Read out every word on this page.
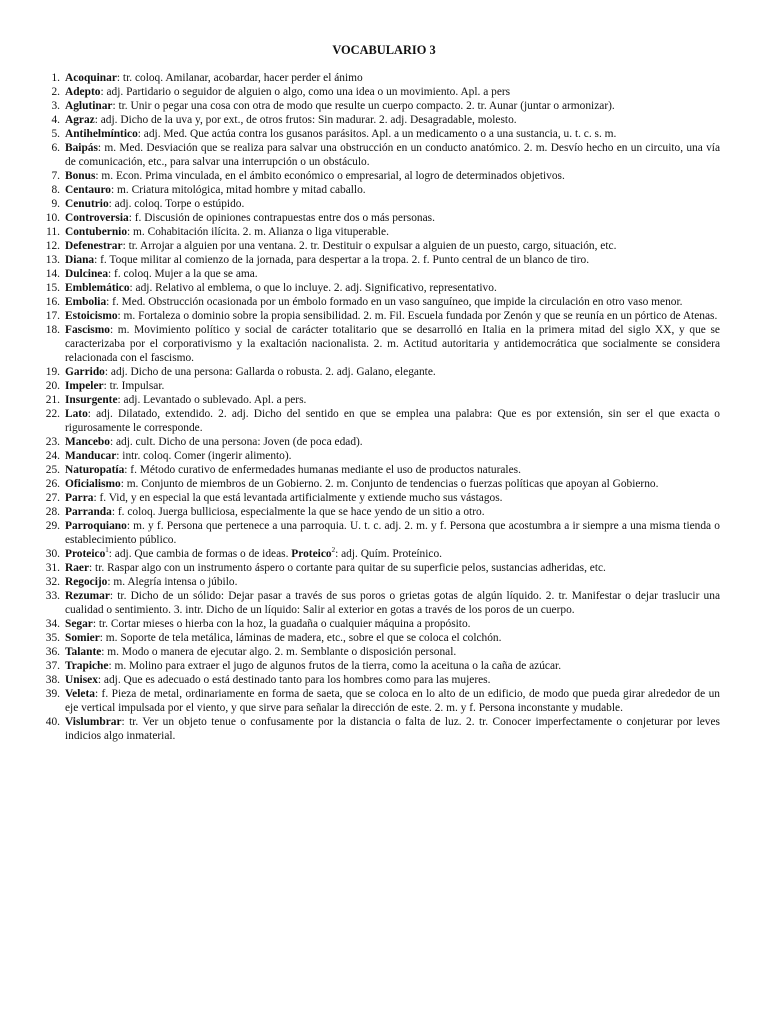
VOCABULARIO 3
1. Acoquinar: tr. coloq. Amilanar, acobardar, hacer perder el ánimo
2. Adepto: adj. Partidario o seguidor de alguien o algo, como una idea o un movimiento. Apl. a pers
3. Aglutinar: tr. Unir o pegar una cosa con otra de modo que resulte un cuerpo compacto. 2. tr. Aunar (juntar o armonizar).
4. Agraz: adj. Dicho de la uva y, por ext., de otros frutos: Sin madurar. 2. adj. Desagradable, molesto.
5. Antihelmíntico: adj. Med. Que actúa contra los gusanos parásitos. Apl. a un medicamento o a una sustancia, u. t. c. s. m.
6. Baipás: m. Med. Desviación que se realiza para salvar una obstrucción en un conducto anatómico. 2. m. Desvío hecho en un circuito, una vía de comunicación, etc., para salvar una interrupción o un obstáculo.
7. Bonus: m. Econ. Prima vinculada, en el ámbito económico o empresarial, al logro de determinados objetivos.
8. Centauro: m. Criatura mitológica, mitad hombre y mitad caballo.
9. Cenutrio: adj. coloq. Torpe o estúpido.
10. Controversia: f. Discusión de opiniones contrapuestas entre dos o más personas.
11. Contubernio: m. Cohabitación ilícita. 2. m. Alianza o liga vituperable.
12. Defenestrar: tr. Arrojar a alguien por una ventana. 2. tr. Destituir o expulsar a alguien de un puesto, cargo, situación, etc.
13. Diana: f. Toque militar al comienzo de la jornada, para despertar a la tropa. 2. f. Punto central de un blanco de tiro.
14. Dulcinea: f. coloq. Mujer a la que se ama.
15. Emblemático: adj. Relativo al emblema, o que lo incluye. 2. adj. Significativo, representativo.
16. Embolia: f. Med. Obstrucción ocasionada por un émbolo formado en un vaso sanguíneo, que impide la circulación en otro vaso menor.
17. Estoicismo: m. Fortaleza o dominio sobre la propia sensibilidad. 2. m. Fil. Escuela fundada por Zenón y que se reunía en un pórtico de Atenas.
18. Fascismo: m. Movimiento político y social de carácter totalitario que se desarrolló en Italia en la primera mitad del siglo XX, y que se caracterizaba por el corporativismo y la exaltación nacionalista. 2. m. Actitud autoritaria y antidemocrática que socialmente se considera relacionada con el fascismo.
19. Garrido: adj. Dicho de una persona: Gallarda o robusta. 2. adj. Galano, elegante.
20. Impeler: tr. Impulsar.
21. Insurgente: adj. Levantado o sublevado. Apl. a pers.
22. Lato: adj. Dilatado, extendido. 2. adj. Dicho del sentido en que se emplea una palabra: Que es por extensión, sin ser el que exacta o rigurosamente le corresponde.
23. Mancebo: adj. cult. Dicho de una persona: Joven (de poca edad).
24. Manducar: intr. coloq. Comer (ingerir alimento).
25. Naturopatía: f. Método curativo de enfermedades humanas mediante el uso de productos naturales.
26. Oficialismo: m. Conjunto de miembros de un Gobierno. 2. m. Conjunto de tendencias o fuerzas políticas que apoyan al Gobierno.
27. Parra: f. Vid, y en especial la que está levantada artificialmente y extiende mucho sus vástagos.
28. Parranda: f. coloq. Juerga bulliciosa, especialmente la que se hace yendo de un sitio a otro.
29. Parroquiano: m. y f. Persona que pertenece a una parroquia. U. t. c. adj. 2. m. y f. Persona que acostumbra a ir siempre a una misma tienda o establecimiento público.
30. Proteico$^1$: adj. Que cambia de formas o de ideas. Proteico$^2$: adj. Quím. Proteínico.
31. Raer: tr. Raspar algo con un instrumento áspero o cortante para quitar de su superficie pelos, sustancias adheridas, etc.
32. Regocijo: m. Alegría intensa o júbilo.
33. Rezumar: tr. Dicho de un sólido: Dejar pasar a través de sus poros o grietas gotas de algún líquido. 2. tr. Manifestar o dejar traslucir una cualidad o sentimiento. 3. intr. Dicho de un líquido: Salir al exterior en gotas a través de los poros de un cuerpo.
34. Segar: tr. Cortar mieses o hierba con la hoz, la guadaña o cualquier máquina a propósito.
35. Somier: m. Soporte de tela metálica, láminas de madera, etc., sobre el que se coloca el colchón.
36. Talante: m. Modo o manera de ejecutar algo. 2. m. Semblante o disposición personal.
37. Trapiche: m. Molino para extraer el jugo de algunos frutos de la tierra, como la aceituna o la caña de azúcar.
38. Unisex: adj. Que es adecuado o está destinado tanto para los hombres como para las mujeres.
39. Veleta: f. Pieza de metal, ordinariamente en forma de saeta, que se coloca en lo alto de un edificio, de modo que pueda girar alrededor de un eje vertical impulsada por el viento, y que sirve para señalar la dirección de este. 2. m. y f. Persona inconstante y mudable.
40. Vislumbrar: tr. Ver un objeto tenue o confusamente por la distancia o falta de luz. 2. tr. Conocer imperfectamente o conjeturar por leves indicios algo inmaterial.
